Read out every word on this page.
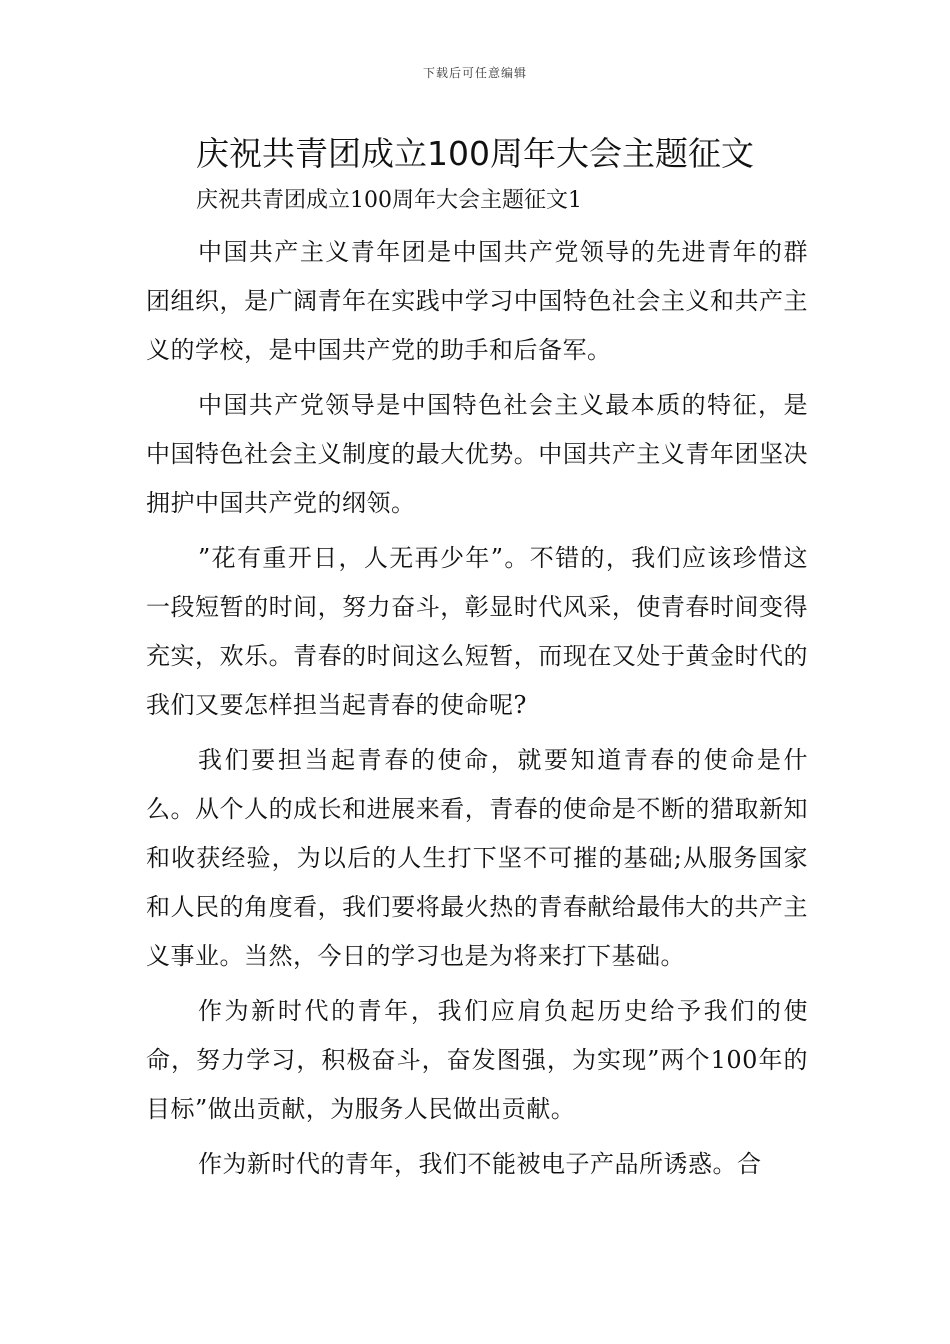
下载后可任意编辑
庆祝共青团成立100周年大会主题征文

庆祝共青团成立100周年大会主题征文1

中国共产主义青年团是中国共产党领导的先进青年的群团组织，是广阔青年在实践中学习中国特色社会主义和共产主义的学校，是中国共产党的助手和后备军。

中国共产党领导是中国特色社会主义最本质的特征，是中国特色社会主义制度的最大优势。中国共产主义青年团坚决拥护中国共产党的纲领。

”花有重开日，人无再少年”。不错的，我们应该珍惜这一段短暂的时间，努力奋斗，彰显时代风采，使青春时间变得充实，欢乐。青春的时间这么短暂，而现在又处于黄金时代的我们又要怎样担当起青春的使命呢?

我们要担当起青春的使命，就要知道青春的使命是什么。从个人的成长和进展来看，青春的使命是不断的猎取新知和收获经验，为以后的人生打下坚不可摧的基础;从服务国家和人民的角度看，我们要将最火热的青春献给最伟大的共产主义事业。当然，今日的学习也是为将来打下基础。

作为新时代的青年，我们应肩负起历史给予我们的使命，努力学习，积极奋斗，奋发图强，为实现”两个100年的目标”做出贡献，为服务人民做出贡献。

作为新时代的青年，我们不能被电子产品所诱惑。合
